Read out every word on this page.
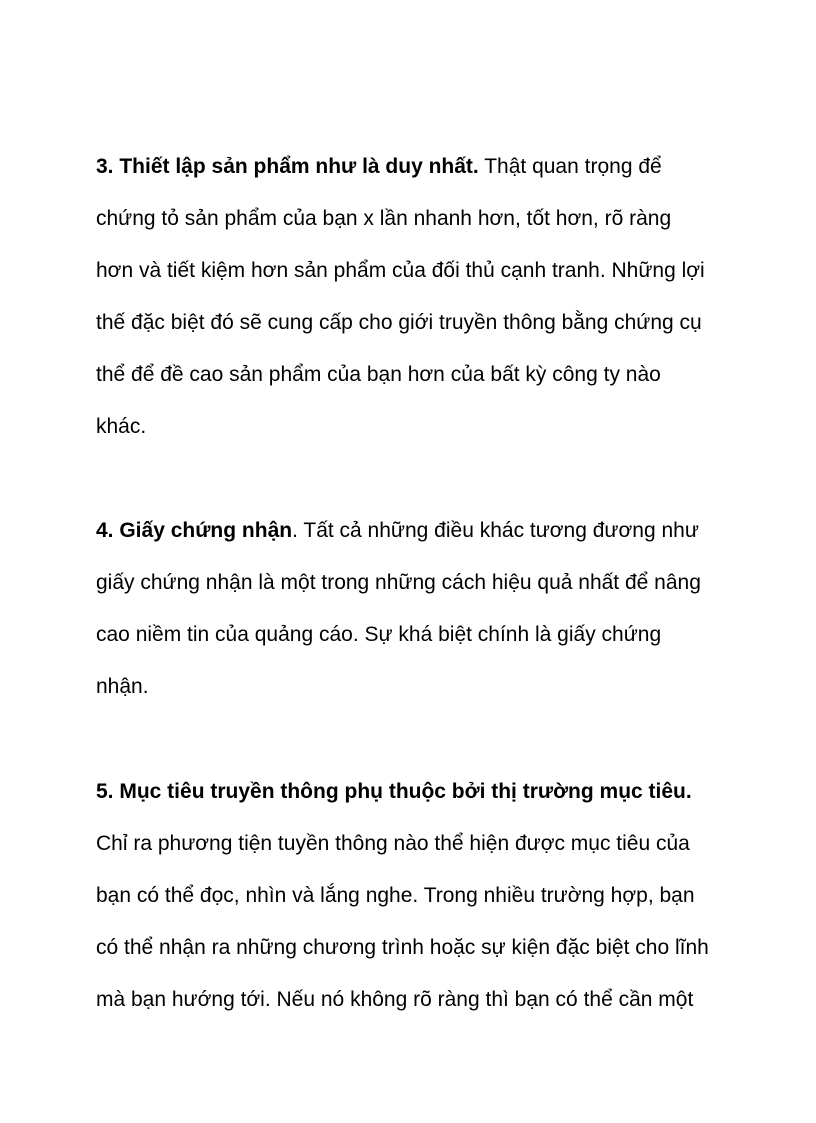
3. Thiết lập sản phẩm như là duy nhất. Thật quan trọng để
chứng tỏ sản phẩm của bạn x lần nhanh hơn, tốt hơn, rõ ràng
hơn và tiết kiệm hơn sản phẩm của đối thủ cạnh tranh. Những lợi
thế đặc biệt đó sẽ cung cấp cho giới truyền thông bằng chứng cụ
thể để đề cao sản phẩm của bạn hơn của bất kỳ công ty nào
khác.
4. Giấy chứng nhận. Tất cả những điều khác tương đương như
giấy chứng nhận là một trong những cách hiệu quả nhất để nâng
cao niềm tin của quảng cáo. Sự khá biệt chính là giấy chứng
nhận.
5. Mục tiêu truyền thông phụ thuộc bởi thị trường mục tiêu.
Chỉ ra phương tiện tuyền thông nào thể hiện được mục tiêu của
bạn có thể đọc, nhìn và lắng nghe. Trong nhiều trường hợp, bạn
có thể nhận ra những chương trình hoặc sự kiện đặc biệt cho lĩnh
mà bạn hướng tới. Nếu nó không rõ ràng thì bạn có thể cần một
